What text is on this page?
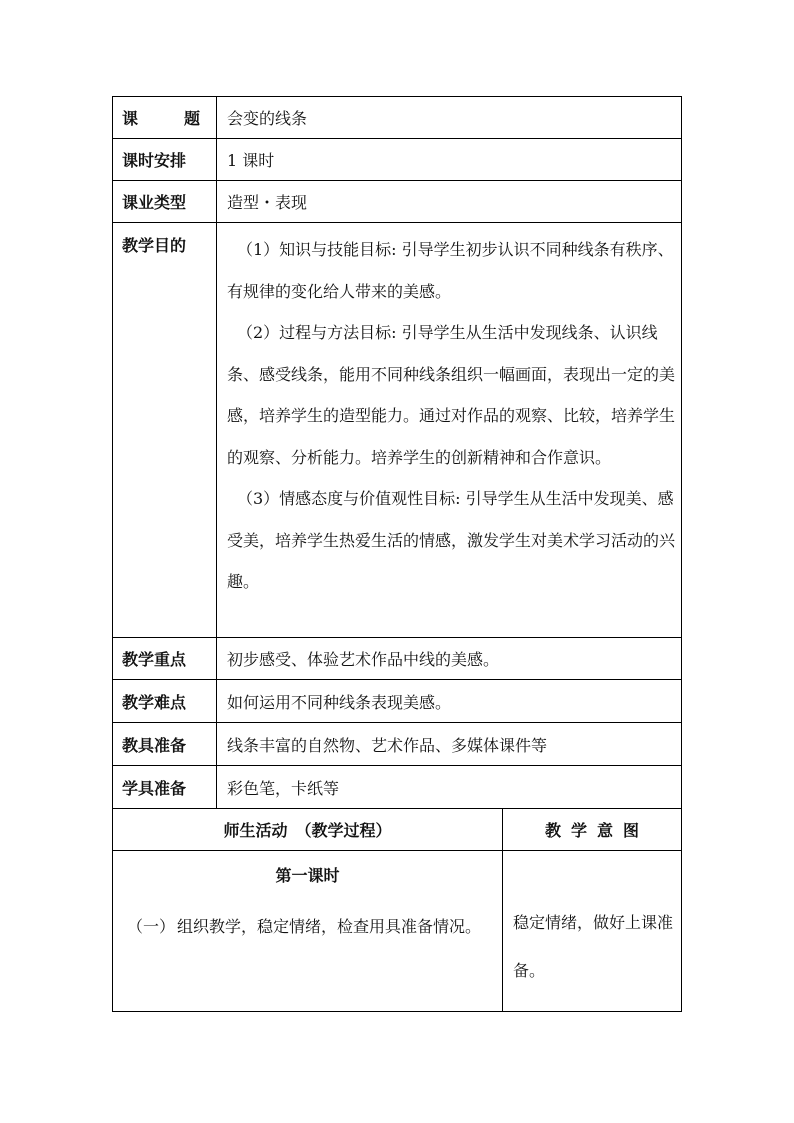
课 题	会变的线条	
课时安排	1 课时	
课业类型	造型・表现	
教学目的	（1）知识与技能目标: 引导学生初步认识不同种线条有秩序、有规律的变化给人带来的美感。

（2）过程与方法目标: 引导学生从生活中发现线条、认识线条、感受线条，能用不同种线条组织一幅画面，表现出一定的美感，培养学生的造型能力。通过对作品的观察、比较，培养学生的观察、分析能力。培养学生的创新精神和合作意识。

（3）情感态度与价值观性目标: 引导学生从生活中发现美、感受美，培养学生热爱生活的情感，激发学生对美术学习活动的兴趣。	

教学重点	初步感受、体验艺术作品中线的美感。	
教学难点	如何运用不同种线条表现美感。	
教具准备	线条丰富的自然物、艺术作品、多媒体课件等	
学具准备	彩色笔，卡纸等	
师生活动　（教学过程）		教学意图

第一课时
（一） 组织教学，稳定情绪，检查用具准备情况。		稳定情绪，做好上课准备。
